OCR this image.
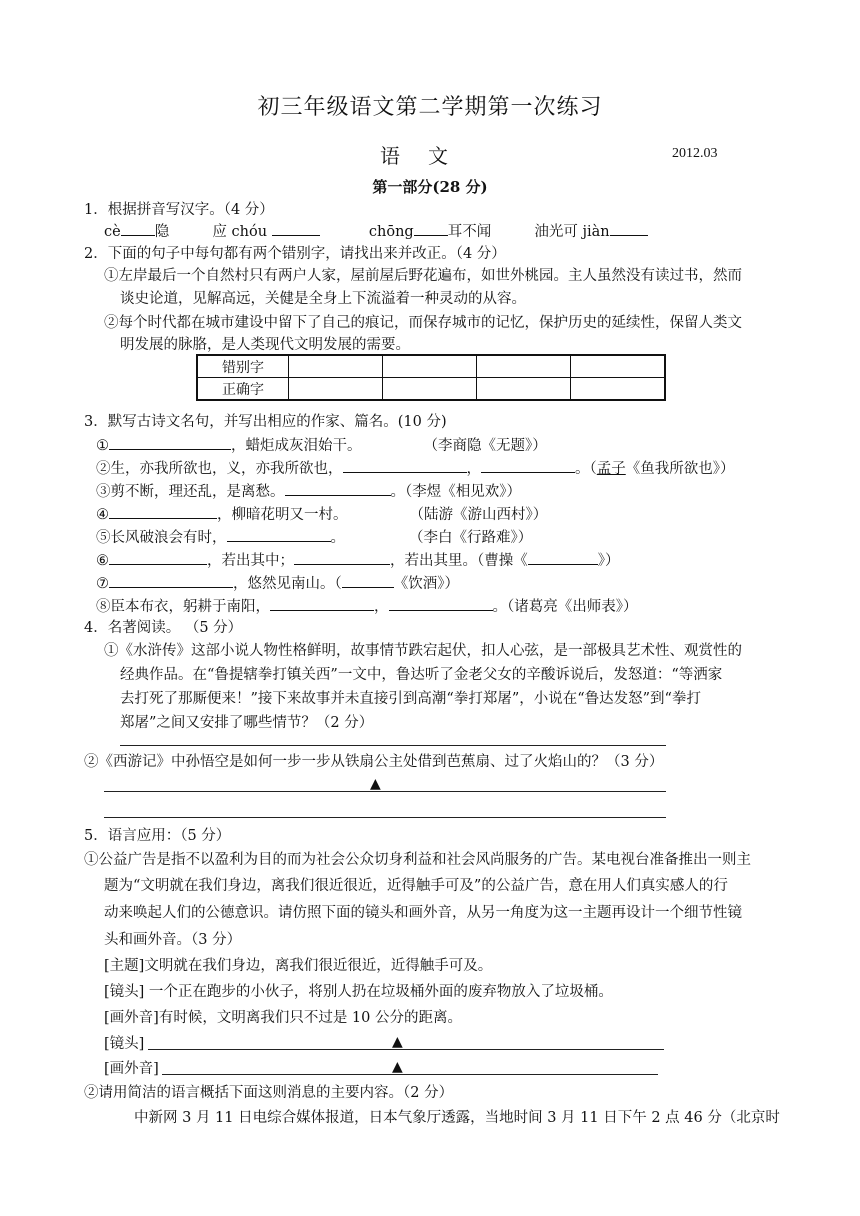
初三年级语文第二学期第一次练习
语文	2012.03
第一部分(28 分)
1．根据拼音写汉字。（4 分）
cè 隐	应 chóu	chōng 耳不闻	油光可 jiàn
2．下面的句子中每句都有两个错别字，请找出来并改正。（4 分）
①左岸最后一个自然村只有两户人家，屋前屋后野花遍布，如世外桃园。主人虽然没有读过书，然而
谈史论道，见解高远，关健是全身上下流溢着一种灵动的从容。
②每个时代都在城市建设中留下了自己的痕记，而保存城市的记忆，保护历史的延续性，保留人类文
明发展的脉胳，是人类现代文明发展的需要。
错别字				
正确字				
3．默写古诗文名句，并写出相应的作家、篇名。(10 分)
①	，蜡炬成灰泪始干。	（李商隐《无题》）
②生，亦我所欲也，义，亦我所欲也，	，	。（孟子《鱼我所欲也》）
③剪不断，理还乱，是离愁。	。（李煜《相见欢》）
④	，柳暗花明又一村。	（陆游《游山西村》）
⑤长风破浪会有时，	。	（李白《行路难》）
⑥	，若出其中；	，若出其里。（曹操《	》）
⑦	，悠然见南山。（	《饮酒》）
⑧臣本布衣，躬耕于南阳，	，	。（诸葛亮《出师表》）
4．名著阅读。 （5 分）
①《水浒传》这部小说人物性格鲜明，故事情节跌宕起伏，扣人心弦，是一部极具艺术性、观赏性的
经典作品。在“鲁提辖拳打镇关西”一文中，鲁达听了金老父女的辛酸诉说后，发怒道：“等洒家
去打死了那厮便来！”接下来故事并未直接引到高潮“拳打郑屠”，小说在“鲁达发怒”到“拳打
郑屠”之间又安排了哪些情节？（2 分）
②《西游记》中孙悟空是如何一步一步从铁扇公主处借到芭蕉扇、过了火焰山的？（3 分）
▲
5．语言应用：（5 分）
①公益广告是指不以盈利为目的而为社会公众切身利益和社会风尚服务的广告。某电视台准备推出一则主
题为“文明就在我们身边，离我们很近很近，近得触手可及”的公益广告，意在用人们真实感人的行
动来唤起人们的公德意识。请仿照下面的镜头和画外音，从另一角度为这一主题再设计一个细节性镜
头和画外音。（3 分）
[主题]文明就在我们身边，离我们很近很近，近得触手可及。
[镜头] 一个正在跑步的小伙子，将别人扔在垃圾桶外面的废弃物放入了垃圾桶。
[画外音]有时候，文明离我们只不过是 10 公分的距离。
[镜头]	▲
[画外音]	▲
②请用简洁的语言概括下面这则消息的主要内容。（2 分）
中新网 3 月 11 日电综合媒体报道，日本气象厅透露，当地时间 3 月 11 日下午 2 点 46 分（北京时
